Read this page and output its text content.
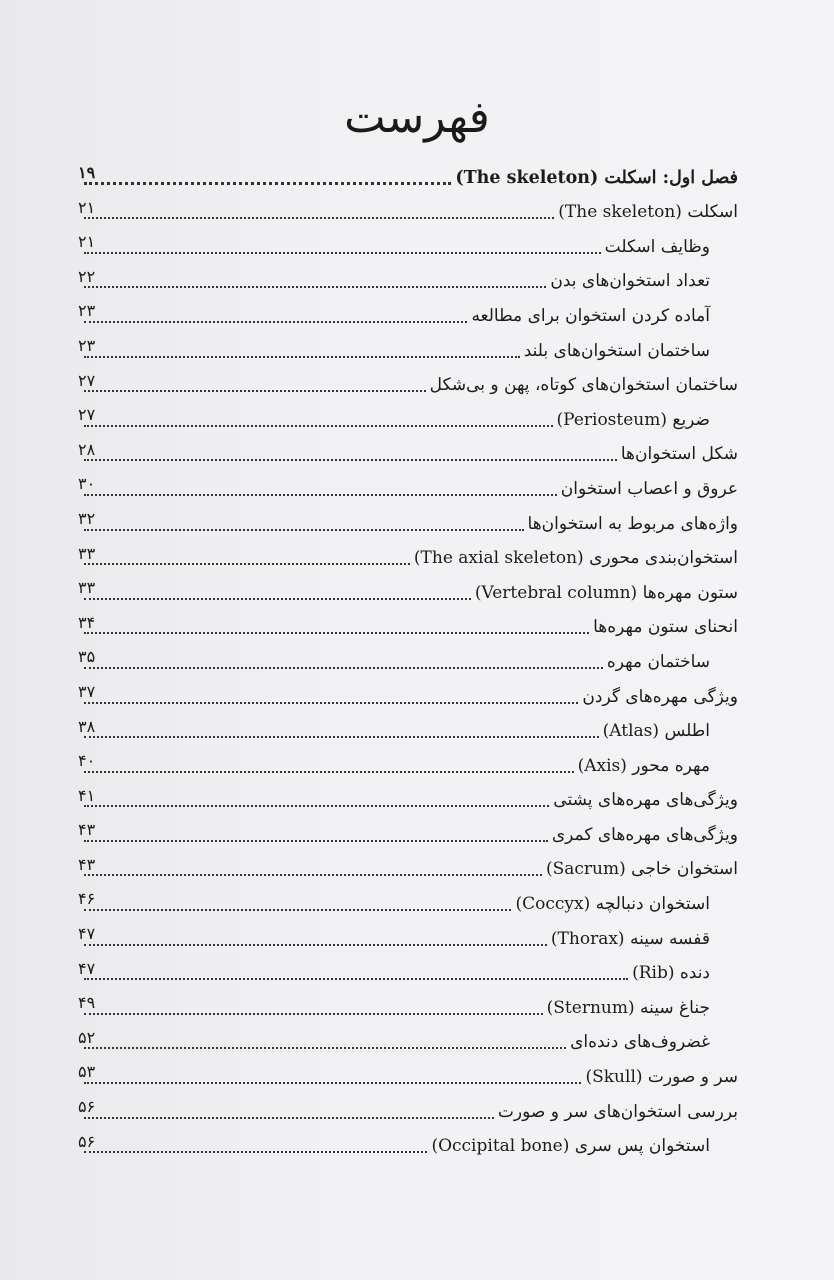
فهرست
فصل اول: اسکلت (The skeleton)
۱۹
اسکلت (The skeleton)
۲۱
وظایف اسکلت
۲۱
تعداد استخوان‌های بدن
۲۲
آماده کردن استخوان برای مطالعه
۲۳
ساختمان استخوان‌های بلند
۲۳
ساختمان استخوان‌های کوتاه، پهن و بی‌شکل
۲۷
ضریع (Periosteum)
۲۷
شکل استخوان‌ها
۲۸
عروق و اعصاب استخوان
۳۰
واژه‌های مربوط به استخوان‌ها
۳۲
استخوان‌بندی محوری (The axial skeleton)
۳۳
ستون مهره‌ها (Vertebral column)
۳۳
انحنای ستون مهره‌ها
۳۴
ساختمان مهره
۳۵
ویژگی مهره‌های گردن
۳۷
اطلس (Atlas)
۳۸
مهره محور (Axis)
۴۰
ویژگی‌های مهره‌های پشتی
۴۱
ویژگی‌های مهره‌های کمری
۴۳
استخوان خاجی (Sacrum)
۴۳
استخوان دنبالچه (Coccyx)
۴۶
قفسه سینه (Thorax)
۴۷
دنده (Rib)
۴۷
جناغ سینه (Sternum)
۴۹
غضروف‌های دنده‌ای
۵۲
سر و صورت (Skull)
۵۳
بررسی استخوان‌های سر و صورت
۵۶
استخوان پس سری (Occipital bone)
۵۶
